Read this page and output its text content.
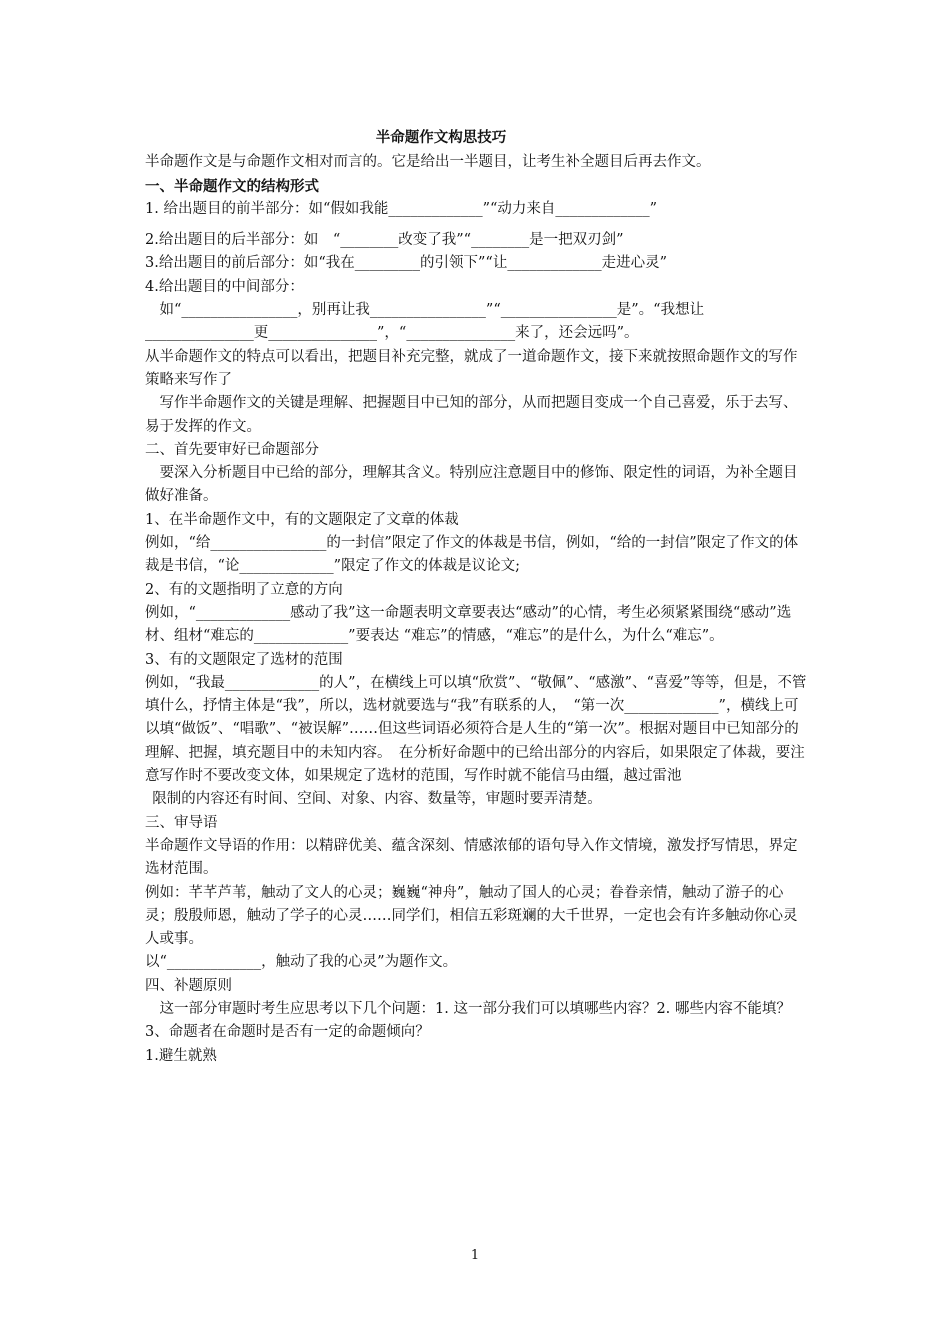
半命题作文构思技巧

半命题作文是与命题作文相对而言的。它是给出一半题目，让考生补全题目后再去作文。

一、半命题作文的结构形式

1. 给出题目的前半部分：如“假如我能_____________”“动力来自_____________”

2.给出题目的后半部分：如　“________改变了我”“________是一把双刃剑”

3.给出题目的前后部分：如“我在_________的引领下”“让_____________走进心灵”

4.给出题目的中间部分：

　如“________________，别再让我________________”“________________是”。“我想让_______________更_______________”，“_______________来了，还会远吗”。

从半命题作文的特点可以看出，把题目补充完整，就成了一道命题作文，接下来就按照命题作文的写作策略来写作了

写作半命题作文的关键是理解、把握题目中已知的部分，从而把题目变成一个自己喜爱，乐于去写、易于发挥的作文。

二、首先要审好已命题部分

要深入分析题目中已给的部分，理解其含义。特别应注意题目中的修饰、限定性的词语，为补全题目做好准备。

1、在半命题作文中，有的文题限定了文章的体裁

例如，“给________________的一封信”限定了作文的体裁是书信，例如，“给的一封信”限定了作文的体裁是书信，“论_____________”限定了作文的体裁是议论文;

2、有的文题指明了立意的方向

例如，“_____________感动了我”这一命题表明文章要表达“感动”的心情，考生必须紧紧围绕“感动”选材、组材“难忘的_____________”要表达 “难忘”的情感，“难忘”的是什么，为什么“难忘”。

3、有的文题限定了选材的范围

例如，“我最_____________的人”，在横线上可以填“欣赏”、“敬佩”、“感激”、“喜爱”等等，但是，不管填什么，抒情主体是“我”，所以，选材就要选与“我”有联系的人，　“第一次_____________”，横线上可以填“做饭”、“唱歌”、“被误解”……但这些词语必须符合是人生的“第一次”。根据对题目中已知部分的理解、把握，填充题目中的未知内容。　在分析好命题中的已给出部分的内容后，如果限定了体裁，要注意写作时不要改变文体，如果规定了选材的范围，写作时就不能信马由缰，越过雷池

限制的内容还有时间、空间、对象、内容、数量等，审题时要弄清楚。

三、审导语

半命题作文导语的作用：以精辟优美、蕴含深刻、情感浓郁的语句导入作文情境，激发抒写情思，界定选材范围。

例如：芊芊芦苇，触动了文人的心灵；巍巍“神舟”，触动了国人的心灵；眷眷亲情，触动了游子的心灵；殷殷师恩，触动了学子的心灵……同学们，相信五彩斑斓的大千世界，一定也会有许多触动你心灵人或事。

以“_____________，触动了我的心灵”为题作文。

四、补题原则

这一部分审题时考生应思考以下几个问题：1. 这一部分我们可以填哪些内容？2. 哪些内容不能填？3、命题者在命题时是否有一定的命题倾向？

1.避生就熟

1
